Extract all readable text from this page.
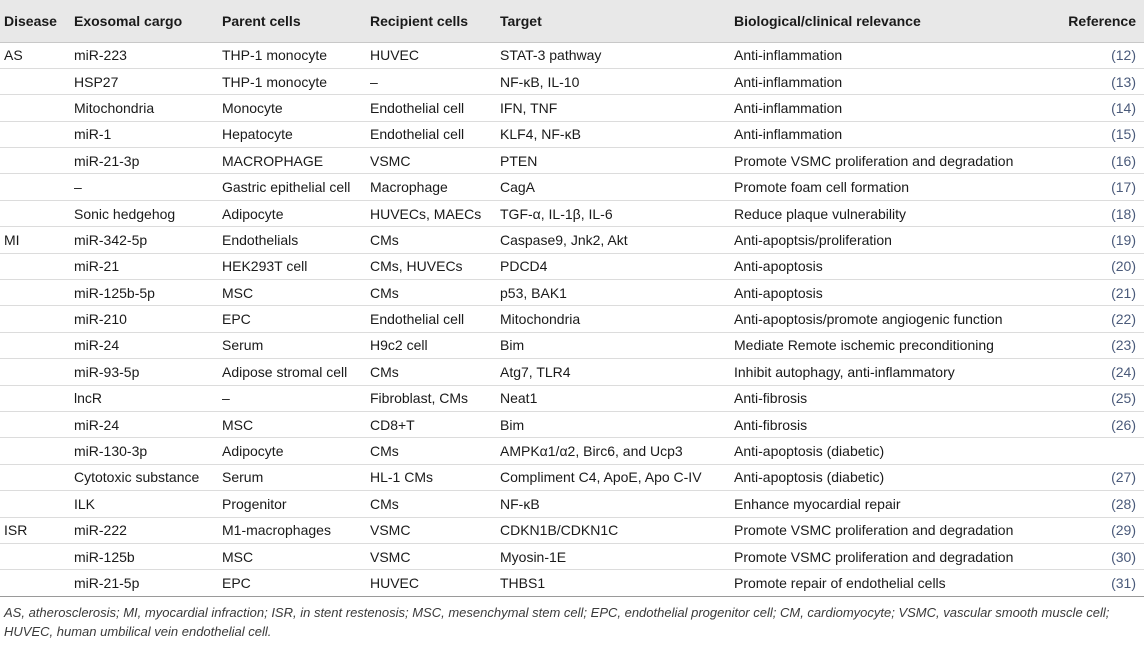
Disease	Exosomal cargo	Parent cells	Recipient cells	Target	Biological/clinical relevance	Reference
AS	miR-223	THP-1 monocyte	HUVEC	STAT-3 pathway	Anti-inflammation	(12)
	HSP27	THP-1 monocyte	–	NF-κB, IL-10	Anti-inflammation	(13)
	Mitochondria	Monocyte	Endothelial cell	IFN, TNF	Anti-inflammation	(14)
	miR-1	Hepatocyte	Endothelial cell	KLF4, NF-κB	Anti-inflammation	(15)
	miR-21-3p	MACROPHAGE	VSMC	PTEN	Promote VSMC proliferation and degradation	(16)
	–	Gastric epithelial cell	Macrophage	CagA	Promote foam cell formation	(17)
	Sonic hedgehog	Adipocyte	HUVECs, MAECs	TGF-α, IL-1β, IL-6	Reduce plaque vulnerability	(18)
MI	miR-342-5p	Endothelials	CMs	Caspase9, Jnk2, Akt	Anti-apoptsis/proliferation	(19)
	miR-21	HEK293T cell	CMs, HUVECs	PDCD4	Anti-apoptosis	(20)
	miR-125b-5p	MSC	CMs	p53, BAK1	Anti-apoptosis	(21)
	miR-210	EPC	Endothelial cell	Mitochondria	Anti-apoptosis/promote angiogenic function	(22)
	miR-24	Serum	H9c2 cell	Bim	Mediate Remote ischemic preconditioning	(23)
	miR-93-5p	Adipose stromal cell	CMs	Atg7, TLR4	Inhibit autophagy, anti-inflammatory	(24)
	lncR	–	Fibroblast, CMs	Neat1	Anti-fibrosis	(25)
	miR-24	MSC	CD8+T	Bim	Anti-fibrosis	(26)
	miR-130-3p	Adipocyte	CMs	AMPKα1/α2, Birc6, and Ucp3	Anti-apoptosis (diabetic)	
	Cytotoxic substance	Serum	HL-1 CMs	Compliment C4, ApoE, Apo C-IV	Anti-apoptosis (diabetic)	(27)
	ILK	Progenitor	CMs	NF-κB	Enhance myocardial repair	(28)
ISR	miR-222	M1-macrophages	VSMC	CDKN1B/CDKN1C	Promote VSMC proliferation and degradation	(29)
	miR-125b	MSC	VSMC	Myosin-1E	Promote VSMC proliferation and degradation	(30)
	miR-21-5p	EPC	HUVEC	THBS1	Promote repair of endothelial cells	(31)

AS, atherosclerosis; MI, myocardial infraction; ISR, in stent restenosis; MSC, mesenchymal stem cell; EPC, endothelial progenitor cell; CM, cardiomyocyte; VSMC, vascular smooth muscle cell; HUVEC, human umbilical vein endothelial cell.
